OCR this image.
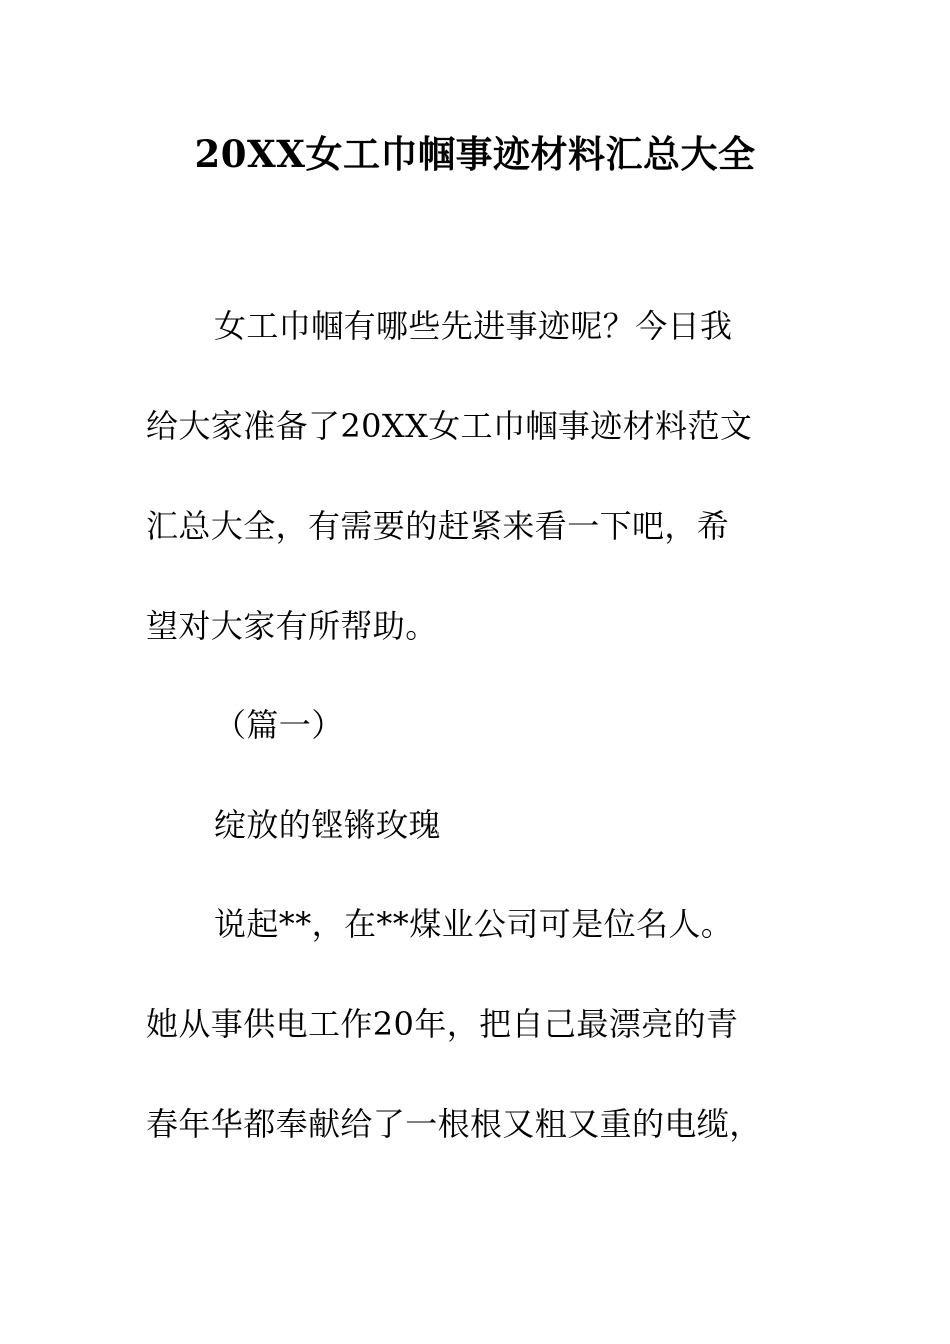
20XX女工巾帼事迹材料汇总大全
女工巾帼有哪些先进事迹呢？今日我
给大家准备了20XX女工巾帼事迹材料范文
汇总大全，有需要的赶紧来看一下吧，希
望对大家有所帮助。
（篇一）
绽放的铿锵玫瑰
说起**，在**煤业公司可是位名人。
她从事供电工作20年，把自己最漂亮的青
春年华都奉献给了一根根又粗又重的电缆，
